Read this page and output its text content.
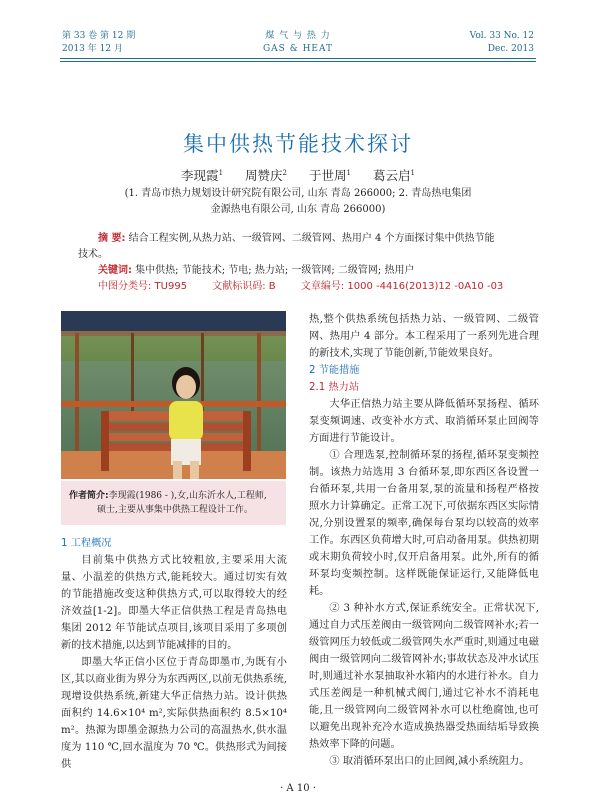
第 33 卷 第 12 期
2013 年 12 月
煤 气 与 热 力
GAS & HEAT
Vol. 33 No. 12
Dec. 2013
集中供热节能技术探讨
李现霞$^1$ 周赞庆$^2$ 于世周$^1$ 葛云启$^1$
(1. 青岛市热力规划设计研究院有限公司, 山东 青岛 266000; 2. 青岛热电集团
金源热电有限公司, 山东 青岛 266000)

摘 要: 结合工程实例,从热力站、一级管网、二级管网、热用户 4 个方面探讨集中供热节能

技术。

关键词: 集中供热; 节能技术; 节电; 热力站; 一级管网; 二级管网; 热用户

中图分类号: TU995	文献标识码: B	文章编号: 1000 -4416(2013)12 -0A10 -03
作者简介:李现霞(1986 - ),女,山东沂水人,工程师,
硕士,主要从事集中供热工程设计工作。

1 工程概况

目前集中供热方式比较粗放,主要采用大流量、小温差的供热方式,能耗较大。通过切实有效的节能措施改变这种供热方式,可以取得较大的经济效益[1-2]。即墨大华正信供热工程是青岛热电集团 2012 年节能试点项目,该项目采用了多项创新的技术措施,以达到节能减排的目的。

即墨大华正信小区位于青岛即墨市,为既有小区,其以商业街为界分为东西两区,以前无供热系统,现增设供热系统,新建大华正信热力站。设计供热面积约 14.6×10⁴ m²,实际供热面积约 8.5×10⁴ m²。热源为即墨金源热力公司的高温热水,供水温度为 110 ℃,回水温度为 70 ℃。供热形式为间接供

热,整个供热系统包括热力站、一级管网、二级管网、热用户 4 部分。本工程采用了一系列先进合理的新技术,实现了节能创新,节能效果良好。

2 节能措施

2.1 热力站

大华正信热力站主要从降低循环泵扬程、循环泵变频调速、改变补水方式、取消循环泵止回阀等方面进行节能设计。

① 合理选泵,控制循环泵的扬程,循环泵变频控制。该热力站选用 3 台循环泵,即东西区各设置一台循环泵,共用一台备用泵,泵的流量和扬程严格按照水力计算确定。正常工况下,可依据东西区实际情况,分别设置泵的频率,确保每台泵均以较高的效率工作。东西区负荷增大时,可启动备用泵。供热初期或末期负荷较小时,仅开启备用泵。此外,所有的循环泵均变频控制。这样既能保证运行,又能降低电耗。

② 3 种补水方式,保证系统安全。正常状况下,通过自力式压差阀由一级管网向二级管网补水;若一级管网压力较低或二级管网失水严重时,则通过电磁阀由一级管网向二级管网补水;事故状态及冲水试压时,则通过补水泵抽取补水箱内的水进行补水。自力式压差阀是一种机械式阀门,通过它补水不消耗电能,且一级管网向二级管网补水可以杜绝腐蚀,也可以避免出现补充冷水造成换热器受热面结垢导致换热效率下降的问题。

③ 取消循环泵出口的止回阀,减小系统阻力。

· A 10 ·
